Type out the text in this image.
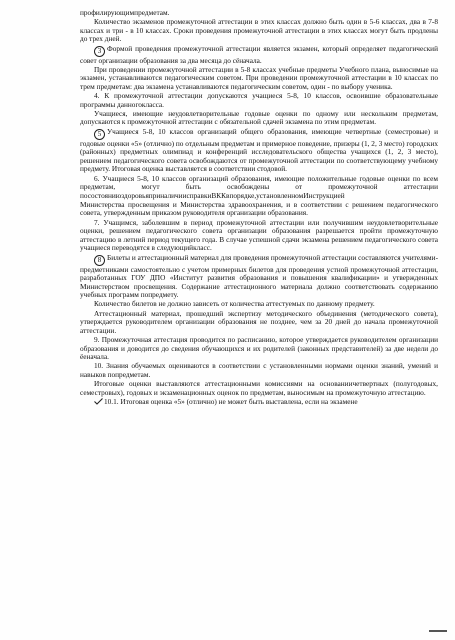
профилирующимпредметам.

Количество экзаменов промежуточной аттестации в этих классах должно быть один в 5-6 классах, два в 7-8 классах и три - в 10 классах. Сроки проведения промежуточной аттестации в этих классах могут быть продлены до трех дней.

3 Формой проведения промежуточной аттестации является экзамен, который определяет педагогический совет организации образования за два месяца до сёначала.

При проведении промежуточной аттестации в 5-8 классах учебные предметы Учебного плана, выносимые на экзамен, устанавливаются педагогическим советом. При проведении промежуточной аттестации в 10 классах по трем предметам: два экзамена устанавливаются педагогическим советом, один - по выбору ученика.

4. К промежуточной аттестации допускаются учащиеся 5-8, 10 классов, освоившие образовательные программы данногокласса.

Учащиеся, имеющие неудовлетворительные годовые оценки по одному или нескольким предметам, допускаются к промежуточной аттестации с обязательной сдачей экзамена по этим предметам.

5 Учащиеся 5-8, 10 классов организаций общего образования, имеющие четвертные (семестровые) и годовые оценки «5» (отлично) по отдельным предметам и примерное поведение, призеры (1, 2, 3 место) городских (районных) предметных олимпиад и конференций исследовательского общества учащихся (1, 2, 3 место), решением педагогического совета освобождаются от промежуточной аттестации по соответствующему учебному предмету. Итоговая оценка выставляется в соответствии стодовой.

6. Учащиеся 5-8, 10 классов организаций образования, имеющие положительные годовые оценки по всем предметам, могут быть освобождены от промежуточной аттестации посостояниюздоровьяприналичииспpавкиВККвпорядке,установленномИнструкцией

Министерства просвещения и Министерства здравоохранения, и в соответствии с решением педагогического совета, утвержденным приказом руководителя организации образования.

7. Учащимся, заболевшим в период промежуточной аттестации или получившим неудовлетворительные оценки, решением педагогического совета организации образования разрешается пройти промежуточную аттестацию в летний период текущего года. В случае успешной сдачи экзамена решением педагогического совета учащиеся переводятся в следующийкласс.

8 Билеты и аттестационный материал для проведения промежуточной аттестации составляются учителями-предметниками самостоятельно с учетом примерных билетов для проведения устной промежуточной аттестации, разработанных ГОУ ДПО «Институт развития образования и повышения квалификации» и утвержденных Министерством просвещения. Содержание аттестационного материала должно соответствовать содержанию учебных программ попредмету.

Количество билетов не должно зависеть от количества аттестуемых по данному предмету.

Аттестационный материал, прошедший экспертизу методического объединения (методического совета), утверждается руководителем организации образования не позднее, чем за 20 дней до начала промежуточной аттестации.

9. Промежуточная аттестация проводится по расписанию, которое утверждается руководителем организации образования и доводится до сведения обучающихся и их родителей (законных представителей) за две недели до ёеначала.

10. Знания обучаемых оцениваются в соответствии с установленными нормами оценки знаний, умений и навыков попредметам.

Итоговые оценки выставляются аттестационными комиссиями на основаниичетвертных (полугодовых, семестровых), годовых и экзаменационных оценок по предметам, выносимым на промежуточную аттестацию.

10.1. Итоговая оценка «5» (отлично) не может быть выставлена, если на экзамене
